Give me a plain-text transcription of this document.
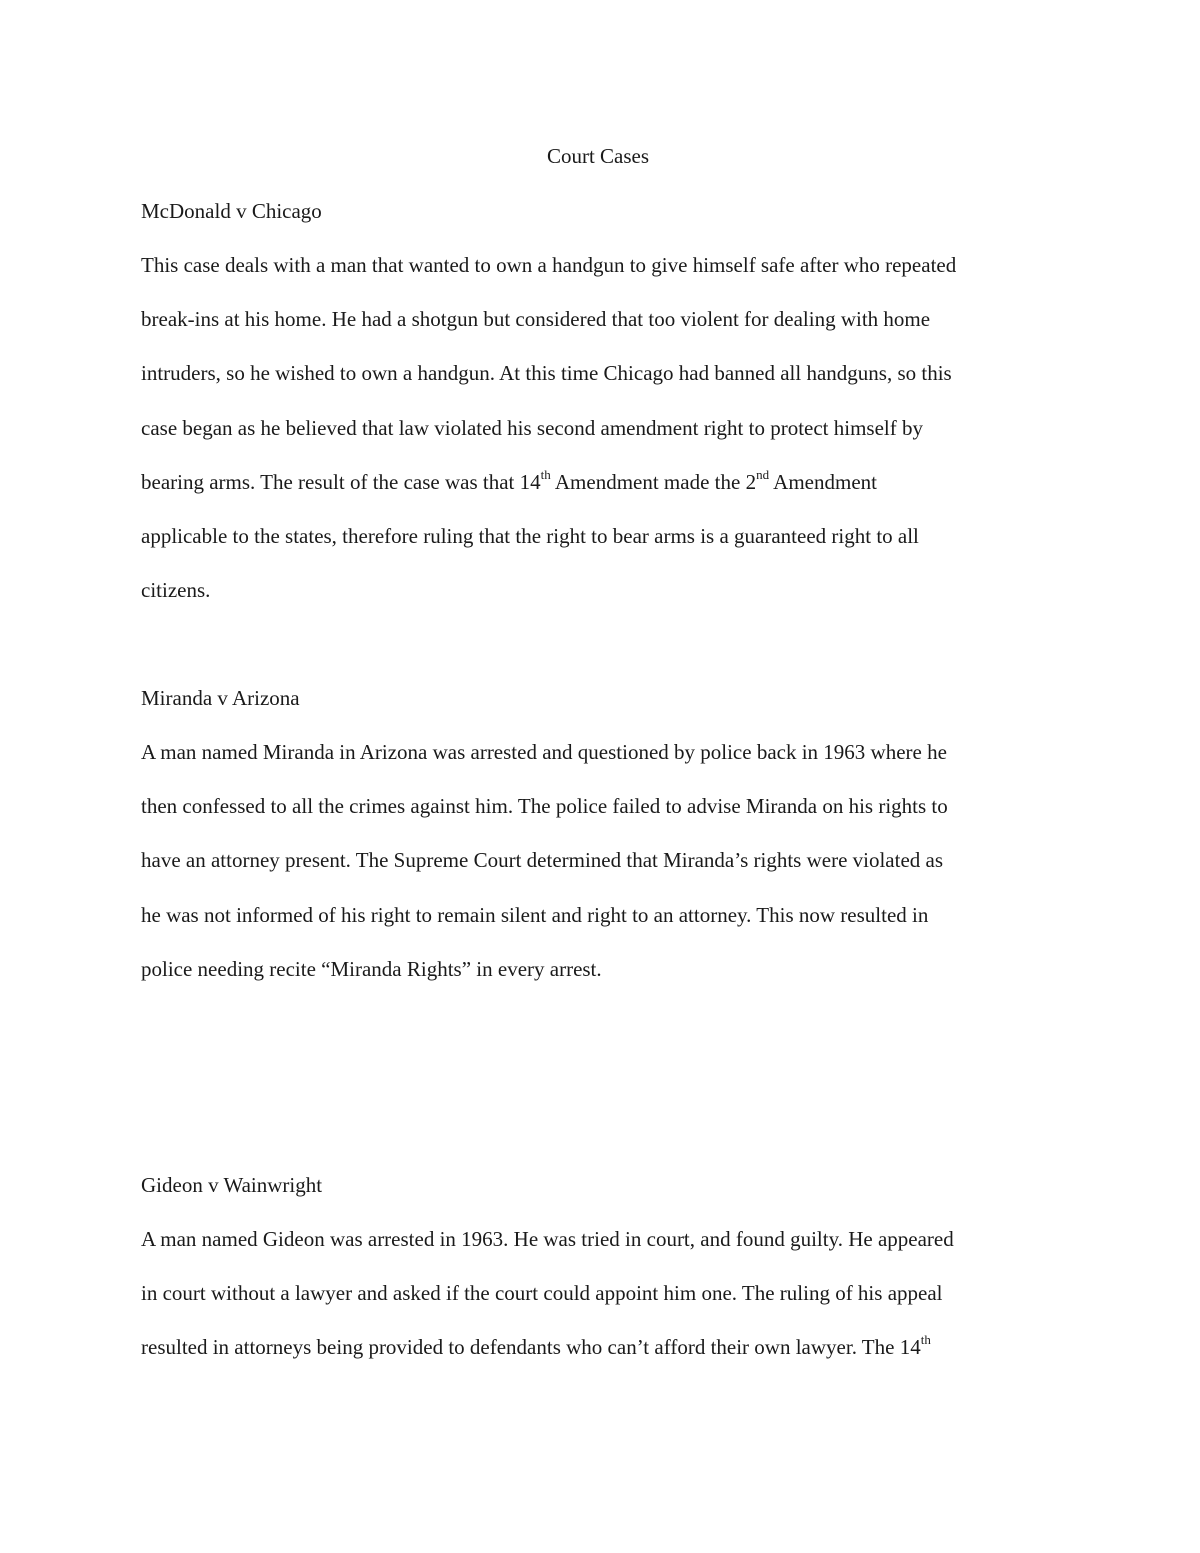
Court Cases
McDonald v Chicago

This case deals with a man that wanted to own a handgun to give himself safe after who repeated
break-ins at his home. He had a shotgun but considered that too violent for dealing with home
intruders, so he wished to own a handgun. At this time Chicago had banned all handguns, so this
case began as he believed that law violated his second amendment right to protect himself by
bearing arms. The result of the case was that 14th Amendment made the 2nd Amendment
applicable to the states, therefore ruling that the right to bear arms is a guaranteed right to all
citizens.

Miranda v Arizona

A man named Miranda in Arizona was arrested and questioned by police back in 1963 where he
then confessed to all the crimes against him. The police failed to advise Miranda on his rights to
have an attorney present. The Supreme Court determined that Miranda’s rights were violated as
he was not informed of his right to remain silent and right to an attorney. This now resulted in
police needing recite “Miranda Rights” in every arrest.

Gideon v Wainwright

A man named Gideon was arrested in 1963. He was tried in court, and found guilty. He appeared
in court without a lawyer and asked if the court could appoint him one. The ruling of his appeal
resulted in attorneys being provided to defendants who can’t afford their own lawyer. The 14th
